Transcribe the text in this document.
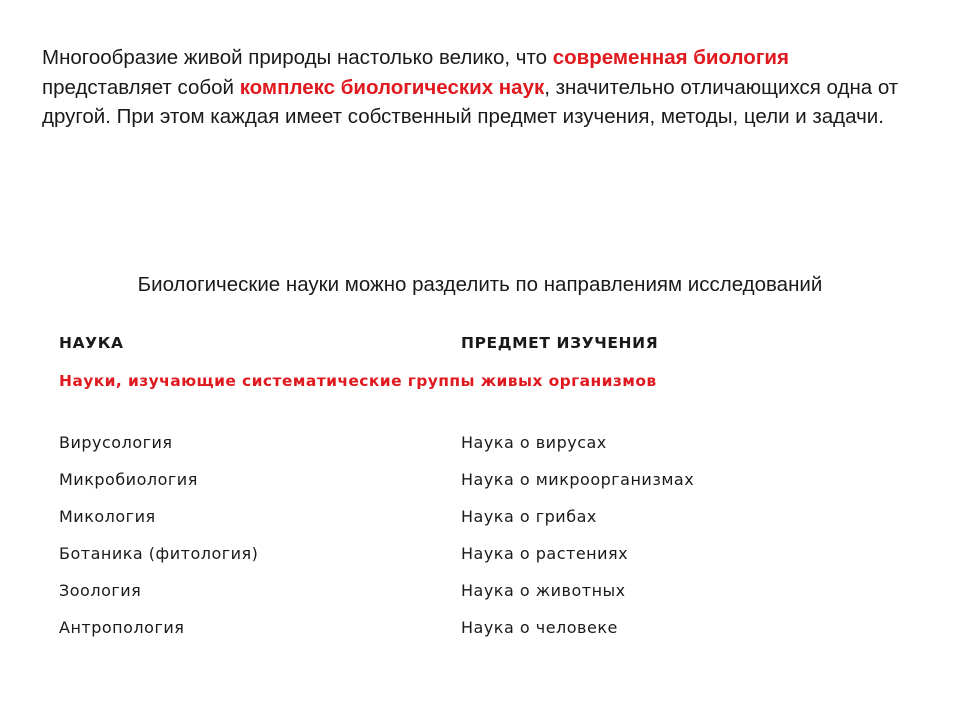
Многообразие живой природы настолько велико, что современная биология представляет собой комплекс биологических наук, значительно отличающихся одна от другой. При этом каждая имеет собственный предмет изучения, методы, цели и задачи.
Биологические науки можно разделить по направлениям исследований
НАУКА	ПРЕДМЕТ ИЗУЧЕНИЯ
Науки, изучающие систематические группы живых организмов
Вирусология	Наука о вирусах
Микробиология	Наука о микроорганизмах
Микология	Наука о грибах
Ботаника (фитология)	Наука о растениях
Зоология	Наука о животных
Антропология	Наука о человеке
